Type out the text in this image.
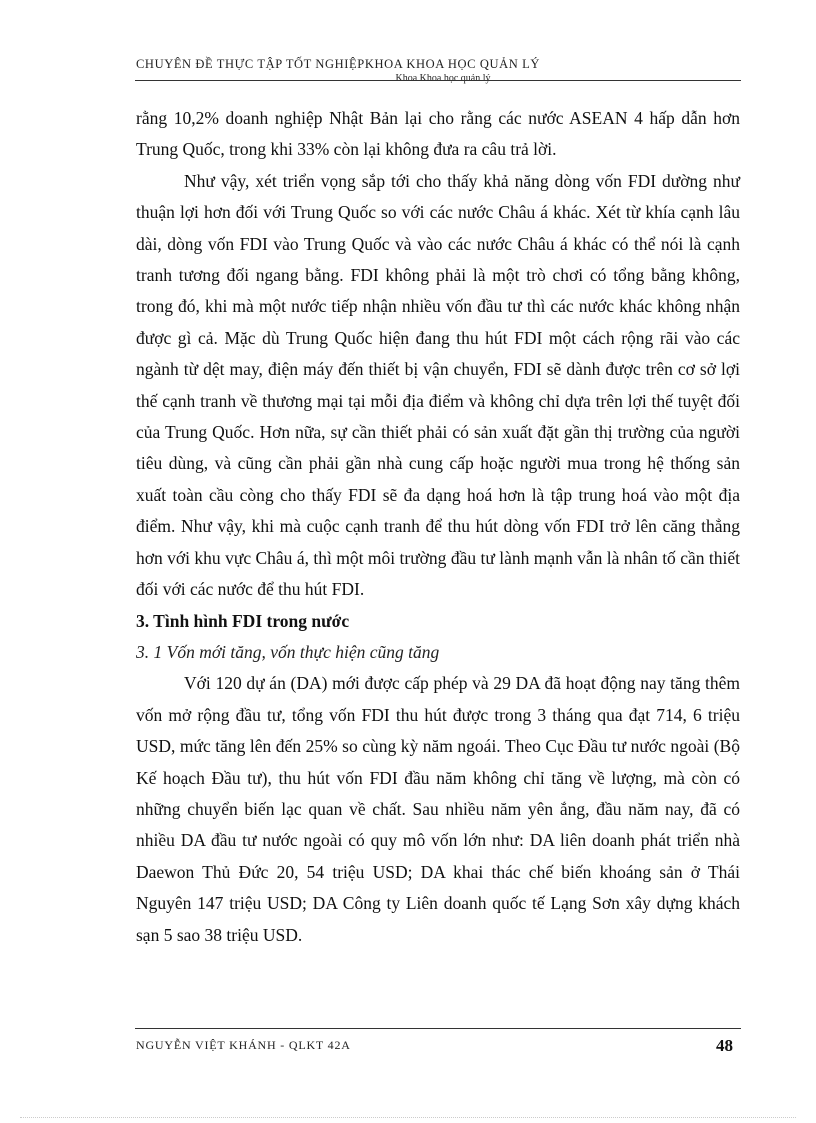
CHUYÊN ĐỀ THỰC TẬP TỐT NGHIỆPKHOA KHOA HỌC QUẢN LÝ
Khoa Khoa học quản lý

rằng 10,2% doanh nghiệp Nhật Bản lại cho rằng các nước ASEAN 4 hấp dẫn hơn Trung Quốc, trong khi 33% còn lại không đưa ra câu trả lời.

Như vậy, xét triển vọng sắp tới cho thấy khả năng dòng vốn FDI dường như thuận lợi hơn đối với Trung Quốc so với các nước Châu á khác. Xét từ khía cạnh lâu dài, dòng vốn FDI vào Trung Quốc và vào các nước Châu á khác có thể nói là cạnh tranh tương đối ngang bằng. FDI không phải là một trò chơi có tổng bằng không, trong đó, khi mà một nước tiếp nhận nhiều vốn đầu tư thì các nước khác không nhận được gì cả. Mặc dù Trung Quốc hiện đang thu hút FDI một cách rộng rãi vào các ngành từ dệt may, điện máy đến thiết bị vận chuyển, FDI sẽ dành được trên cơ sở lợi thế cạnh tranh về thương mại tại mỗi địa điểm và không chỉ dựa trên lợi thế tuyệt đối của Trung Quốc. Hơn nữa, sự cần thiết phải có sản xuất đặt gần thị trường của người tiêu dùng, và cũng cần phải gần nhà cung cấp hoặc người mua trong hệ thống sản xuất toàn cầu còng cho thấy FDI sẽ đa dạng hoá hơn là tập trung hoá vào một địa điểm. Như vậy, khi mà cuộc cạnh tranh để thu hút dòng vốn FDI trở lên căng thẳng hơn với khu vực Châu á, thì một môi trường đầu tư lành mạnh vẫn là nhân tố cần thiết đối với các nước để thu hút FDI.

3. Tình hình FDI trong nước

3. 1 Vốn mới tăng, vốn thực hiện cũng tăng

Với 120 dự án (DA) mới được cấp phép và 29 DA đã hoạt động nay tăng thêm vốn mở rộng đầu tư, tổng vốn FDI thu hút được trong 3 tháng qua đạt 714, 6 triệu USD, mức tăng lên đến 25% so cùng kỳ năm ngoái. Theo Cục Đầu tư nước ngoài (Bộ Kế hoạch Đầu tư), thu hút vốn FDI đầu năm không chỉ tăng về lượng, mà còn có những chuyển biến lạc quan về chất. Sau nhiều năm yên ắng, đầu năm nay, đã có nhiều DA đầu tư nước ngoài có quy mô vốn lớn như: DA liên doanh phát triển nhà Daewon Thủ Đức 20, 54 triệu USD; DA khai thác chế biến khoáng sản ở Thái Nguyên 147 triệu USD; DA Công ty Liên doanh quốc tế Lạng Sơn xây dựng khách sạn 5 sao 38 triệu USD.

NGUYỄN VIỆT KHÁNH - QLKT 42A	48
